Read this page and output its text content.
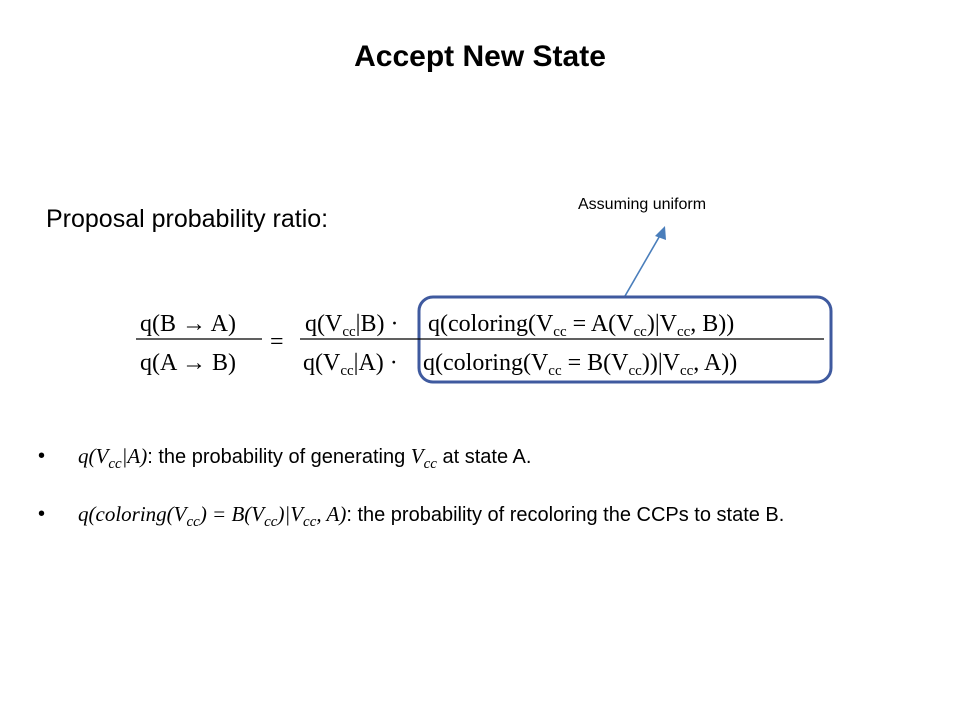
Accept New State
Proposal probability ratio:
Assuming uniform
q(B → A)
q(A → B)
=
$q(V_{cc}|B)$ · $q(coloring(V_{cc} = A(V_{cc})|V_{cc}$, B))
$q(V_{cc}|A)$ · $q(coloring(V_{cc} = B(V_{cc}))|V_{cc}$, A))
• $q(V_{cc}|A)$: the probability of generating $V_{cc}$ at state A.
• $q(coloring(V_{cc}) = B(V_{cc})|V_{cc}$, A): the probability of recoloring the CCPs to state B.
